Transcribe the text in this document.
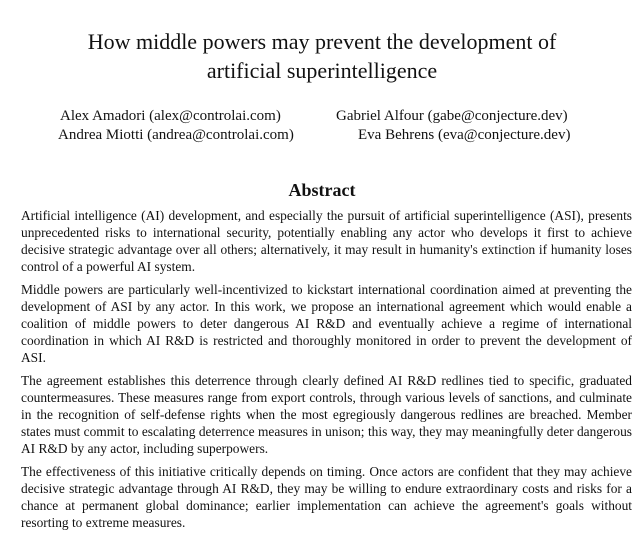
How middle powers may prevent the development of
artificial superintelligence
Alex Amadori (alex@controlai.com)	Gabriel Alfour (gabe@conjecture.dev)
Andrea Miotti (andrea@controlai.com)	Eva Behrens (eva@conjecture.dev)
Abstract

Artificial intelligence (AI) development, and especially the pursuit of artificial superintelligence (ASI), presents unprecedented risks to international security, potentially enabling any actor who develops it first to achieve decisive strategic advantage over all others; alternatively, it may result in humanity's extinction if humanity loses control of a powerful AI system.

Middle powers are particularly well-incentivized to kickstart international coordination aimed at preventing the development of ASI by any actor. In this work, we propose an international agreement which would enable a coalition of middle powers to deter dangerous AI R&D and eventually achieve a regime of international coordination in which AI R&D is restricted and thoroughly monitored in order to prevent the development of ASI.

The agreement establishes this deterrence through clearly defined AI R&D redlines tied to specific, graduated countermeasures. These measures range from export controls, through various levels of sanctions, and culminate in the recognition of self-defense rights when the most egregiously dangerous redlines are breached. Member states must commit to escalating deterrence measures in unison; this way, they may meaningfully deter dangerous AI R&D by any actor, including superpowers.

The effectiveness of this initiative critically depends on timing. Once actors are confident that they may achieve decisive strategic advantage through AI R&D, they may be willing to endure extraordinary costs and risks for a chance at permanent global dominance; earlier implementation can achieve the agreement's goals without resorting to extreme measures.
